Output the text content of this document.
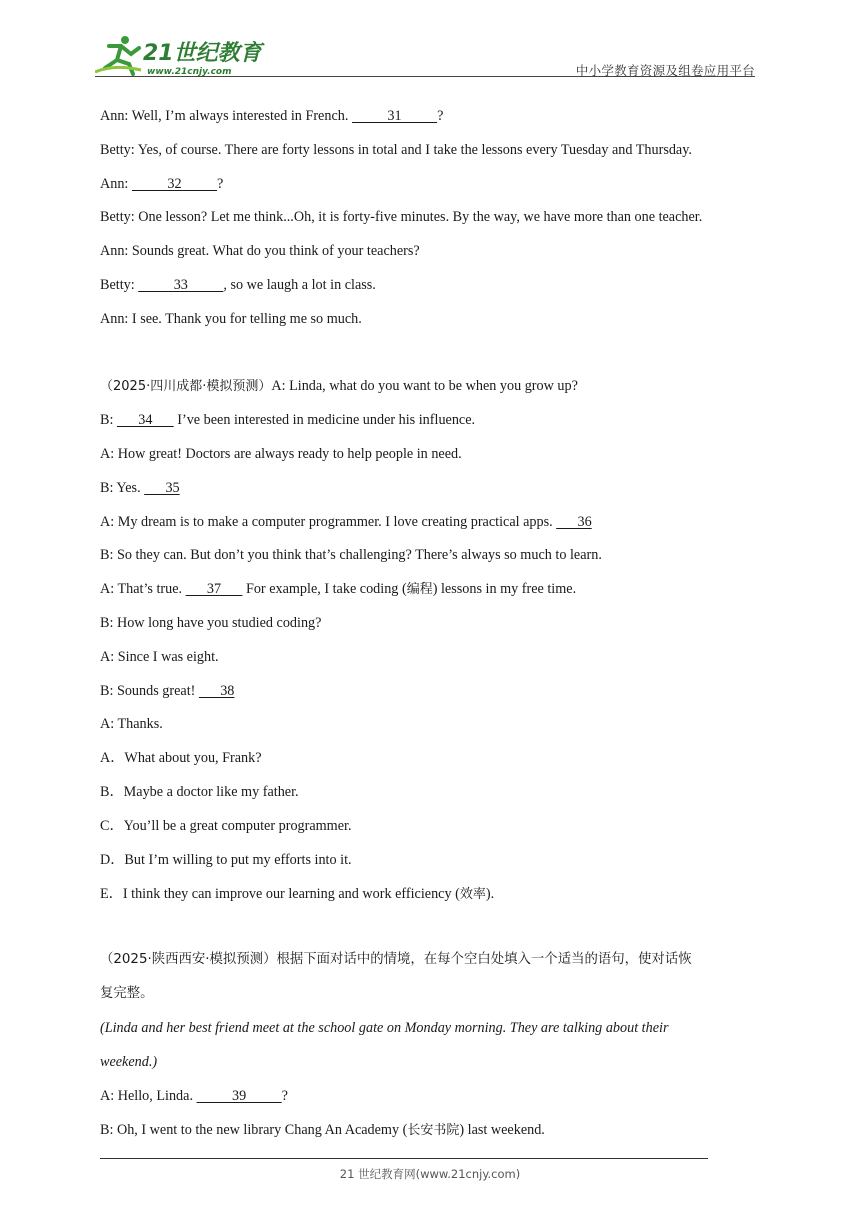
21世纪教育
www.21cnjy.com	中小学教育资源及组卷应用平台
Ann: Well, I’m always interested in French.           31          ?
Betty: Yes, of course. There are forty lessons in total and I take the lessons every Tuesday and Thursday.
Ann:           32          ?
Betty: One lesson? Let me think...Oh, it is forty-five minutes. By the way, we have more than one teacher.
Ann: Sounds great. What do you think of your teachers?
Betty:           33          , so we laugh a lot in class.
Ann: I see. Thank you for telling me so much.
（2025·四川成都·模拟预测）A: Linda, what do you want to be when you grow up?
B:       34       I’ve been interested in medicine under his influence.
A: How great! Doctors are always ready to help people in need.
B: Yes.       35
A: My dream is to make a computer programmer. I love creating practical apps.       36
B: So they can. But don’t you think that’s challenging? There’s always so much to learn.
A: That’s true.       37       For example, I take coding (编程) lessons in my free time.
B: How long have you studied coding?
A: Since I was eight.
B: Sounds great!       38
A: Thanks.
A．What about you, Frank?
B．Maybe a doctor like my father.
C．You’ll be a great computer programmer.
D．But I’m willing to put my efforts into it.
E．I think they can improve our learning and work efficiency (效率).
（2025·陕西西安·模拟预测）根据下面对话中的情境，在每个空白处填入一个适当的语句，使对话恢
复完整。
(Linda and her best friend meet at the school gate on Monday morning. They are talking about their
weekend.)
A: Hello, Linda.           39          ?
B: Oh, I went to the new library Chang An Academy (长安书院) last weekend.
21 世纪教育网(www.21cnjy.com)
